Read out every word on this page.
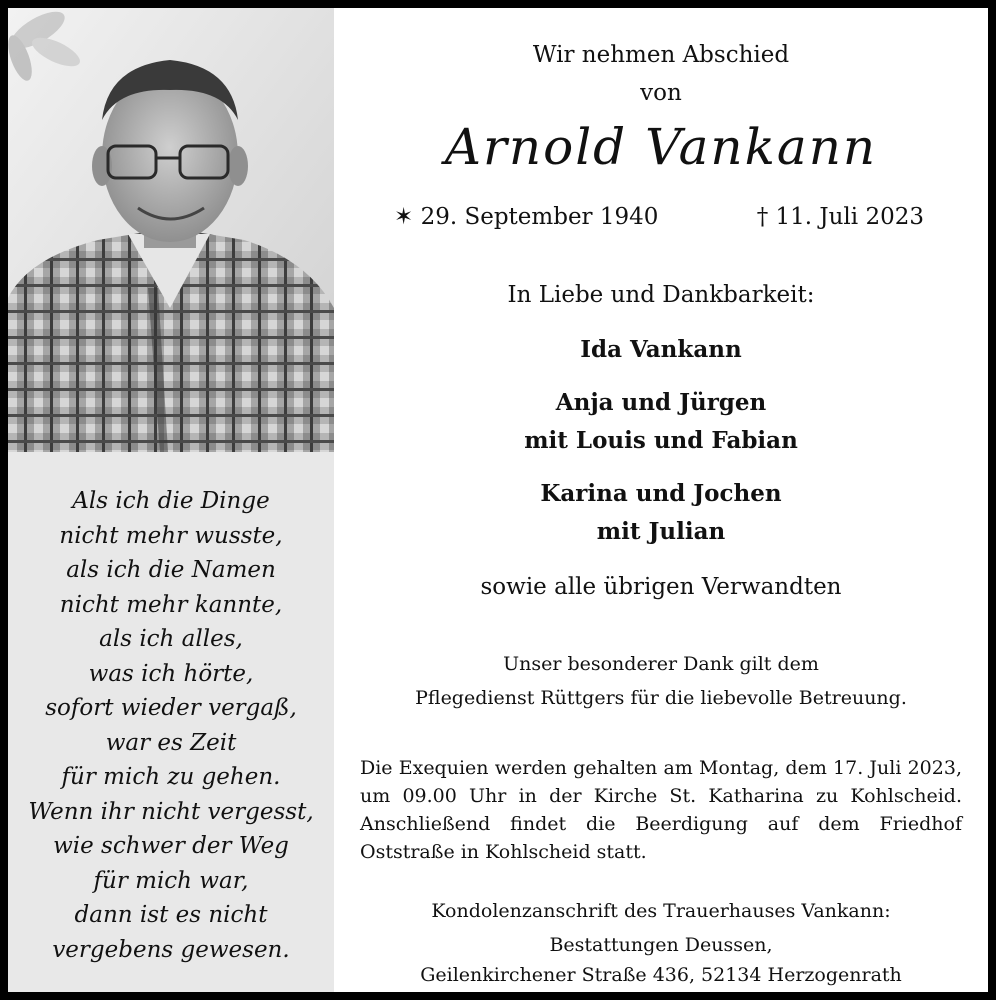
Als ich die Dinge
nicht mehr wusste,
als ich die Namen
nicht mehr kannte,
als ich alles,
was ich hörte,
sofort wieder vergaß,
war es Zeit
für mich zu gehen.
Wenn ihr nicht vergesst,
wie schwer der Weg
für mich war,
dann ist es nicht
vergebens gewesen.

Wir nehmen Abschied

von

Arnold Vankann

✶ 29. September 1940	† 11. Juli 2023

In Liebe und Dankbarkeit:

Ida Vankann

Anja und Jürgen

mit Louis und Fabian

Karina und Jochen

mit Julian

sowie alle übrigen Verwandten

Unser besonderer Dank gilt dem

Pflegedienst Rüttgers für die liebevolle Betreuung.

Die Exequien werden gehalten am Montag, dem 17. Juli 2023, um 09.00 Uhr in der Kirche St. Katharina zu Kohlscheid. Anschließend findet die Beerdigung auf dem Friedhof Oststraße in Kohlscheid statt.

Kondolenzanschrift des Trauerhauses Vankann:

Bestattungen Deussen,

Geilenkirchener Straße 436, 52134 Herzogenrath
